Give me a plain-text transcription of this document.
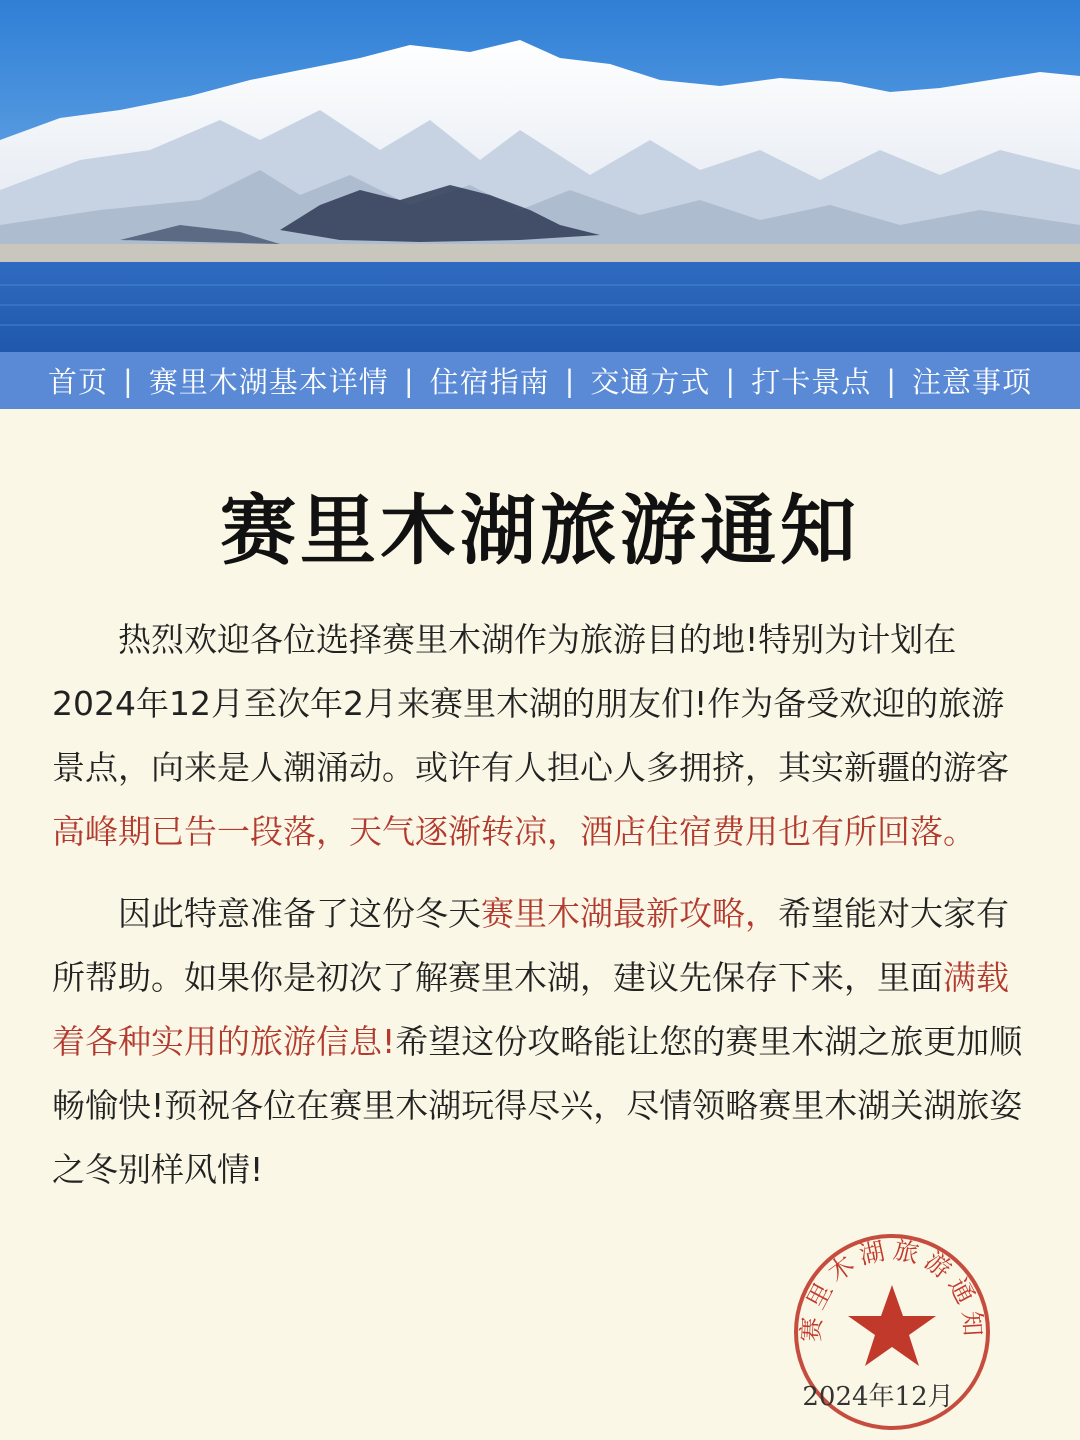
首页 | 赛里木湖基本详情 | 住宿指南 | 交通方式 | 打卡景点 | 注意事项
赛里木湖旅游通知

热烈欢迎各位选择赛里木湖作为旅游目的地!特别为计划在2024年12月至次年2月来赛里木湖的朋友们!作为备受欢迎的旅游景点，向来是人潮涌动。或许有人担心人多拥挤，其实新疆的游客高峰期已告一段落，天气逐渐转凉，酒店住宿费用也有所回落。

因此特意准备了这份冬天赛里木湖最新攻略，希望能对大家有所帮助。如果你是初次了解赛里木湖，建议先保存下来，里面满载着各种实用的旅游信息!希望这份攻略能让您的赛里木湖之旅更加顺畅愉快!预祝各位在赛里木湖玩得尽兴，尽情领略赛里木湖关湖旅姿之冬别样风情!

赛里木湖旅游通知
2024年12月
